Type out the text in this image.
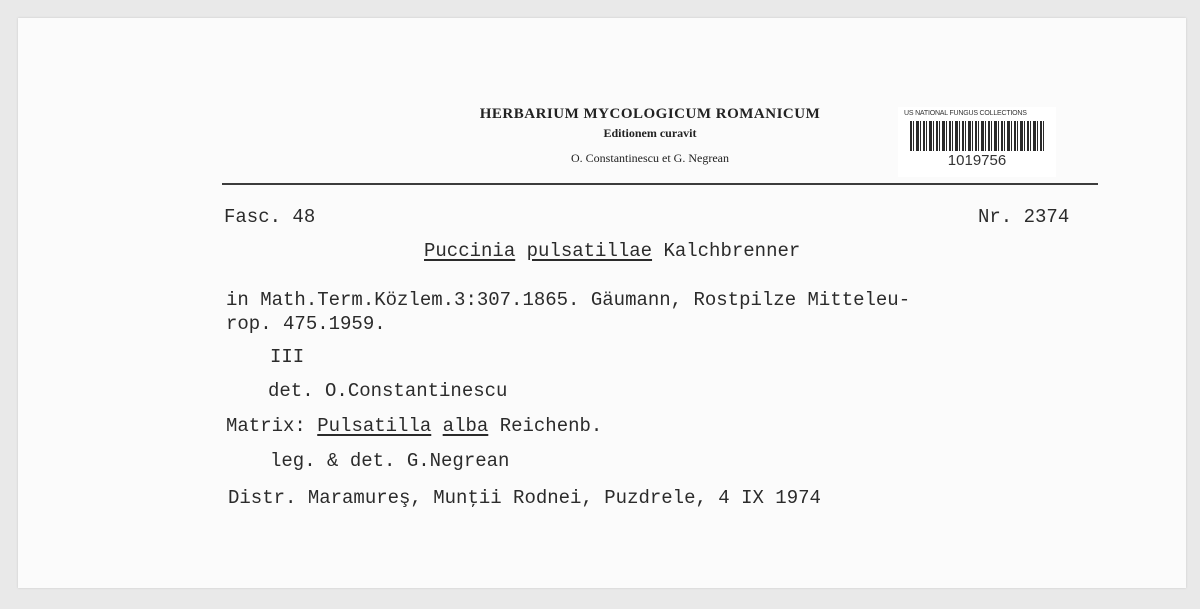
HERBARIUM MYCOLOGICUM ROMANICUM
Editionem curavit
O. Constantinescu et G. Negrean
US NATIONAL FUNGUS COLLECTIONS
1019756
Fasc. 48	Nr. 2374
Puccinia pulsatillae Kalchbrenner
in Math.Term.Közlem.3:307.1865. Gäumann, Rostpilze Mitteleu-
rop. 475.1959.
III
det. O.Constantinescu
Matrix: Pulsatilla alba Reichenb.
leg. & det. G.Negrean
Distr. Maramureş, Munţii Rodnei, Puzdrele, 4 IX 1974
